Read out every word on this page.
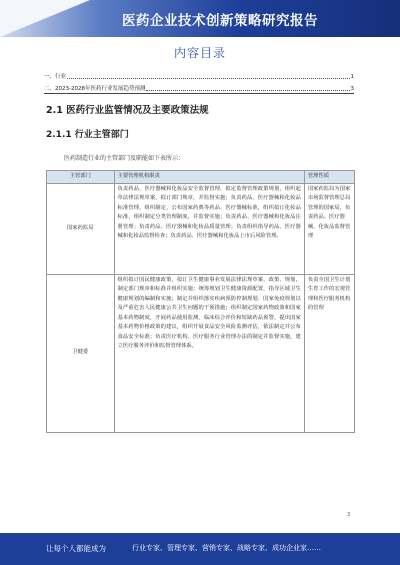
医药企业技术创新策略研究报告
内容目录
一、行业	1
二、2023-2028年医药行业发展趋势预测	3
2.1 医药行业监管情况及主要政策法规
2.1.1 行业主管部门
医药制造行业的主管部门及职能如下表所示：
主管部门	主要管理机构职责	管理性质
国家药监局	负责药品、医疗器械和化妆品安全监督管理，拟定监督管理政策规划，组织起草法律法规草案，拟订部门规章，并监督实施；负责药品、医疗器械和化妆品标准管理，组织制定、公布国家药典等药品、医疗器械标准，组织拟订化妆品标准，组织制定分类管理制度，并监督实施；负责药品、医疗器械和化妆品注册管理；负责药品、医疗器械和化妆品质量管理；负责组织指导药品、医疗器械和化妆品监督检查；负责药品、医疗器械和化妆品上市后风险管理。	国家药监局为国家市场监督管理总局管理的国家局，负责药品、医疗器械、化妆品监督管理
卫健委	组织拟订国民健康政策，拟订卫生健康事业发展法律法规草案、政策、规划，制定部门规章和标准并组织实施；统筹规划卫生健康资源配置，指导区域卫生健康规划的编制和实施；制定并组织落实疾病预防控制规划、国家免疫规划以及严重危害人民健康公共卫生问题的干预措施；组织制定国家药物政策和国家基本药物制度，开展药品使用监测、临床综合评价和短缺药品预警，提出国家基本药物价格政策的建议，组织开展食品安全风险监测评估，依法制定并公布食品安全标准；负责医疗机构、医疗服务行业管理办法的制定并监督实施，建立医疗服务评价和监督管理体系。	负责全国卫生计划生育工作的宏观管理和医疗服务机构的管理
3
让每个人都能成为	行业专家、管理专家、营销专家、战略专家、成功企业家……
